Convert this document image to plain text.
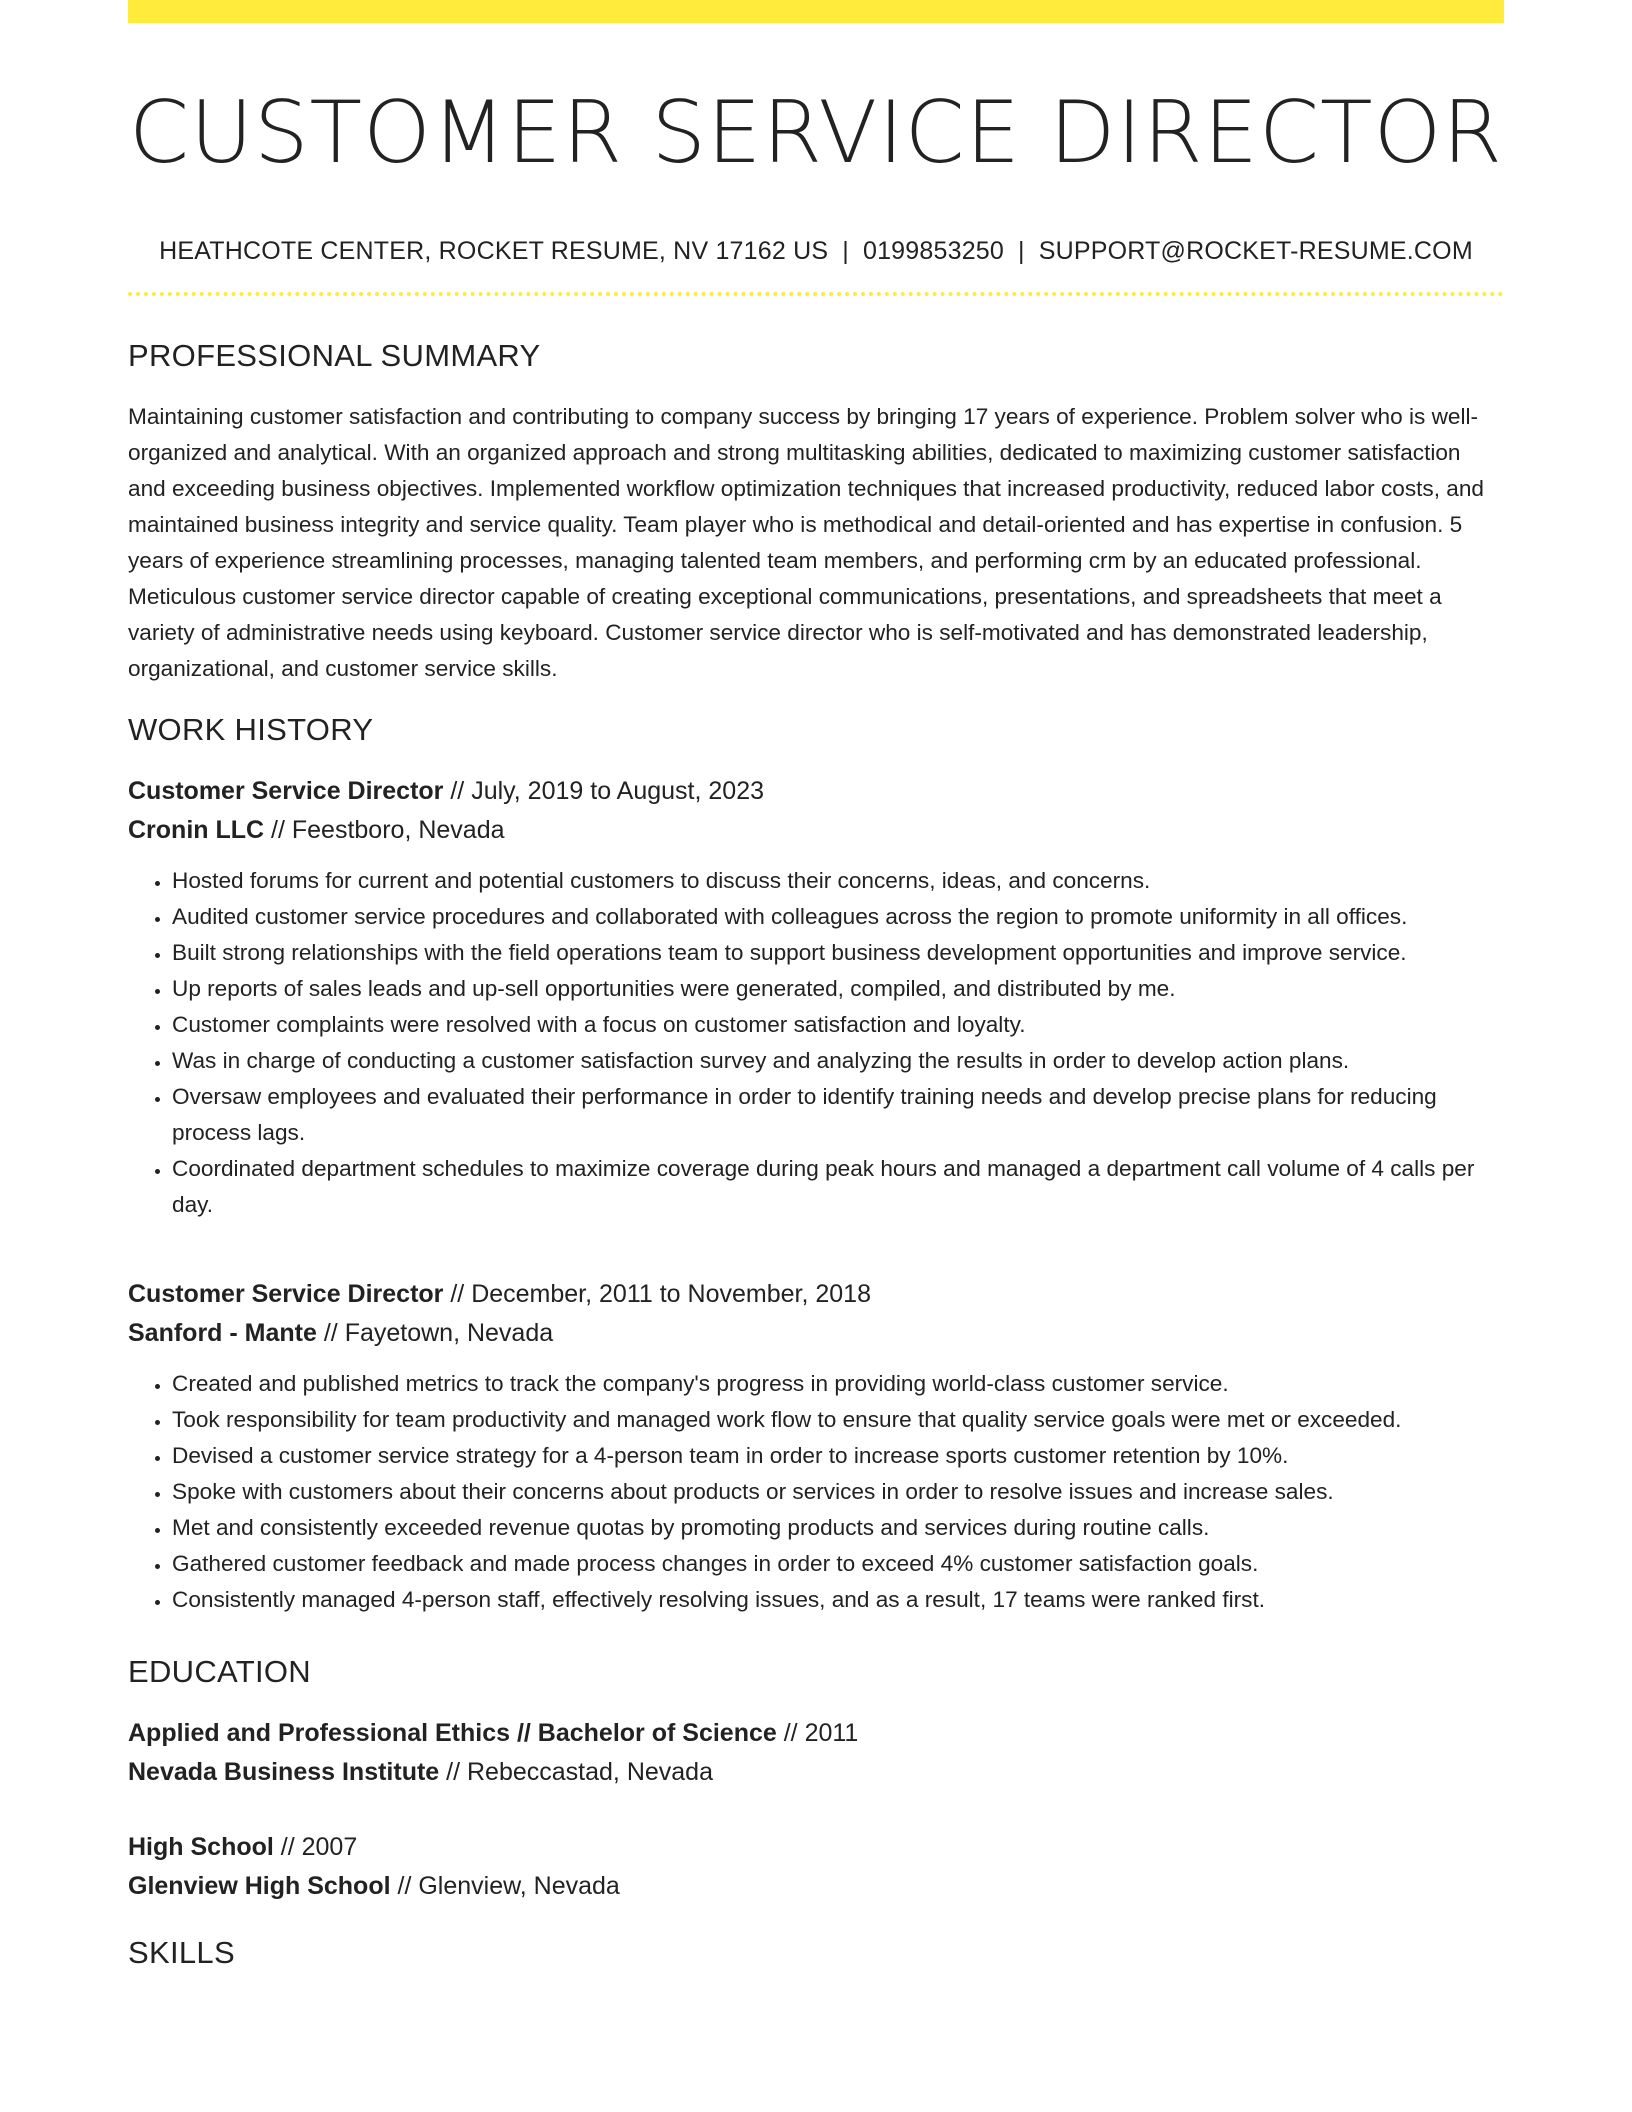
CUSTOMER SERVICE DIRECTOR
HEATHCOTE CENTER, ROCKET RESUME, NV 17162 US | 0199853250 | SUPPORT@ROCKET-RESUME.COM
PROFESSIONAL SUMMARY

Maintaining customer satisfaction and contributing to company success by bringing 17 years of experience. Problem solver who is well-organized and analytical. With an organized approach and strong multitasking abilities, dedicated to maximizing customer satisfaction and exceeding business objectives. Implemented workflow optimization techniques that increased productivity, reduced labor costs, and maintained business integrity and service quality. Team player who is methodical and detail-oriented and has expertise in confusion. 5 years of experience streamlining processes, managing talented team members, and performing crm by an educated professional. Meticulous customer service director capable of creating exceptional communications, presentations, and spreadsheets that meet a variety of administrative needs using keyboard. Customer service director who is self-motivated and has demonstrated leadership, organizational, and customer service skills.

WORK HISTORY
Customer Service Director // July, 2019 to August, 2023
Cronin LLC // Feestboro, Nevada
• Hosted forums for current and potential customers to discuss their concerns, ideas, and concerns.
• Audited customer service procedures and collaborated with colleagues across the region to promote uniformity in all offices.
• Built strong relationships with the field operations team to support business development opportunities and improve service.
• Up reports of sales leads and up-sell opportunities were generated, compiled, and distributed by me.
• Customer complaints were resolved with a focus on customer satisfaction and loyalty.
• Was in charge of conducting a customer satisfaction survey and analyzing the results in order to develop action plans.
• Oversaw employees and evaluated their performance in order to identify training needs and develop precise plans for reducing process lags.
• Coordinated department schedules to maximize coverage during peak hours and managed a department call volume of 4 calls per day.
Customer Service Director // December, 2011 to November, 2018
Sanford - Mante // Fayetown, Nevada
• Created and published metrics to track the company's progress in providing world-class customer service.
• Took responsibility for team productivity and managed work flow to ensure that quality service goals were met or exceeded.
• Devised a customer service strategy for a 4-person team in order to increase sports customer retention by 10%.
• Spoke with customers about their concerns about products or services in order to resolve issues and increase sales.
• Met and consistently exceeded revenue quotas by promoting products and services during routine calls.
• Gathered customer feedback and made process changes in order to exceed 4% customer satisfaction goals.
• Consistently managed 4-person staff, effectively resolving issues, and as a result, 17 teams were ranked first.
EDUCATION
Applied and Professional Ethics // Bachelor of Science // 2011
Nevada Business Institute // Rebeccastad, Nevada
High School // 2007
Glenview High School // Glenview, Nevada
SKILLS
